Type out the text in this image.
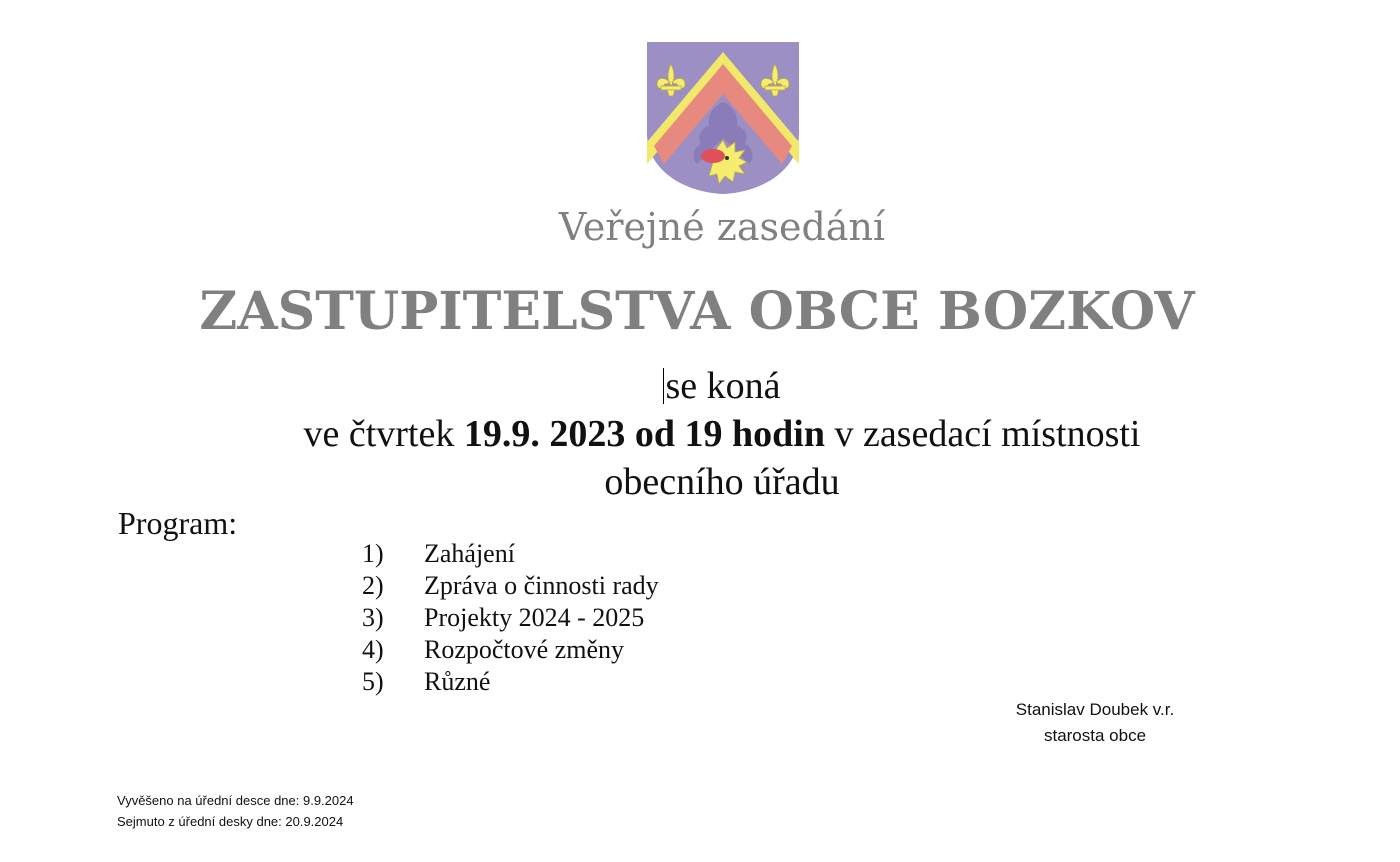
Veřejné zasedání
ZASTUPITELSTVA OBCE BOZKOV
se koná
ve čtvrtek 19.9. 2023 od 19 hodin v zasedací místnosti
obecního úřadu
Program:
1) Zahájení
2) Zpráva o činnosti rady
3) Projekty 2024 - 2025
4) Rozpočtové změny
5) Různé
Stanislav Doubek v.r.
starosta obce
Vyvěšeno na úřední desce dne: 9.9.2024
Sejmuto z úřední desky dne: 20.9.2024
